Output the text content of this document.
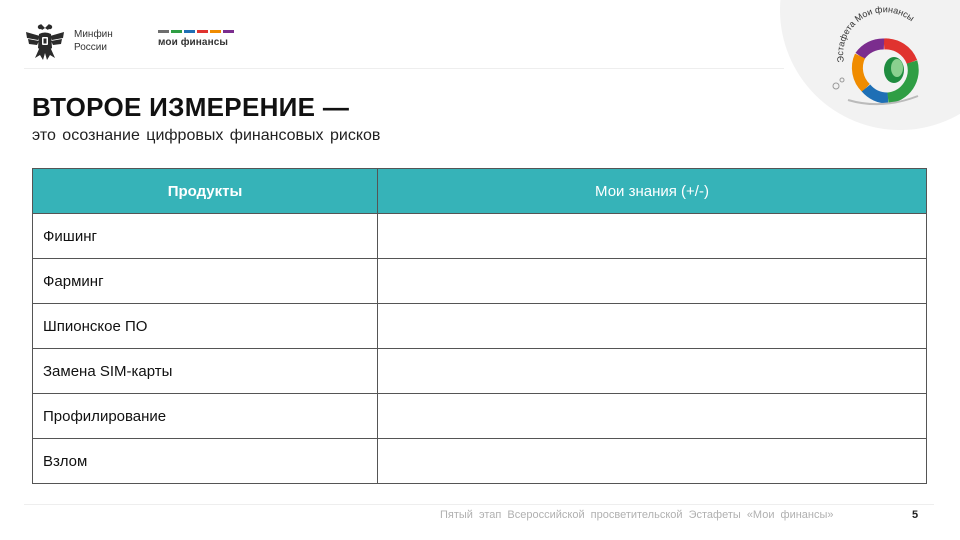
Минфин
России	мои финансы
Эстафета Мои финансы
ВТОРОЕ ИЗМЕРЕНИЕ —

это осознание цифровых финансовых рисков

Продукты	Мои знания (+/-)
Фишинг	
Фарминг	
Шпионское ПО	
Замена SIM-карты	
Профилирование	
Взлом	
Пятый этап Всероссийской просветительской Эстафеты «Мои финансы»	5
